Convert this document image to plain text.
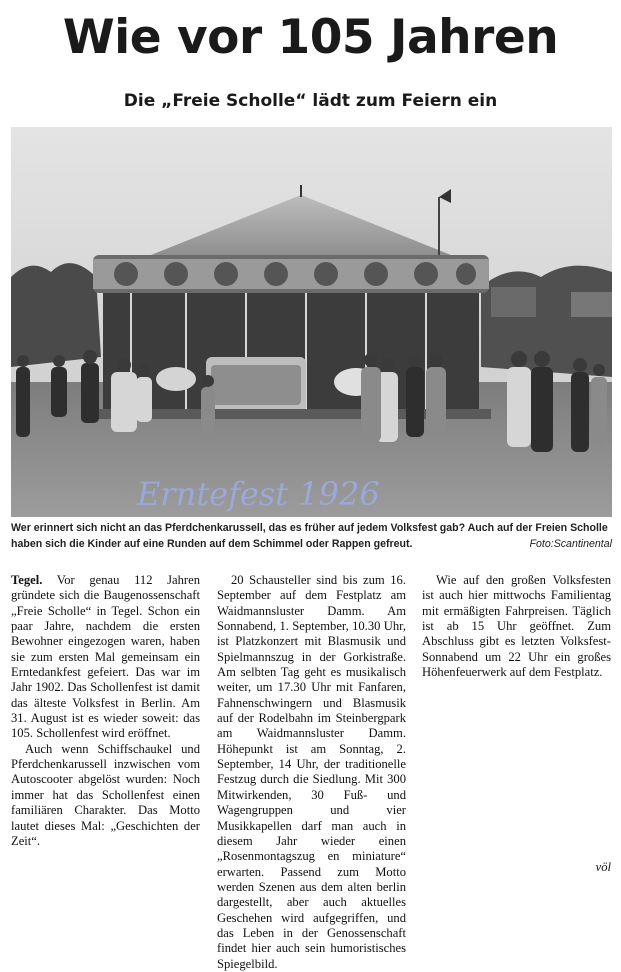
Wie vor 105 Jahren
Die „Freie Scholle“ lädt zum Feiern ein
Erntefest 1926
Wer erinnert sich nicht an das Pferdchenkarussell, das es früher auf jedem Volksfest gab? Auch auf der Freien Scholle haben sich die Kinder auf eine Runden auf dem Schimmel oder Rappen gefreut.	Foto:Scantinental

Tegel. Vor genau 112 Jahren gründete sich die Baugenossenschaft „Freie Scholle“ in Tegel. Schon ein paar Jahre, nachdem die ersten Bewohner eingezogen waren, haben sie zum ersten Mal gemeinsam ein Erntedankfest gefeiert. Das war im Jahr 1902. Das Schollenfest ist damit das älteste Volksfest in Berlin. Am 31. August ist es wieder soweit: das 105. Schollenfest wird eröffnet.

Auch wenn Schiffschaukel und Pferdchenkarussell inzwischen vom Autoscooter abgelöst wurden: Noch immer hat das Schollenfest einen familiären Charakter. Das Motto lautet dieses Mal: „Geschichten der Zeit“.

20 Schausteller sind bis zum 16. September auf dem Festplatz am Waidmannsluster Damm. Am Sonnabend, 1. September, 10.30 Uhr, ist Platzkonzert mit Blasmusik und Spielmannszug in der Gorkistraße. Am selbten Tag geht es musikalisch weiter, um 17.30 Uhr mit Fanfaren, Fahnenschwingern und Blasmusik auf der Rodelbahn im Steinbergpark am Waidmannsluster Damm. Höhepunkt ist am Sonntag, 2. September, 14 Uhr, der traditionelle Festzug durch die Siedlung. Mit 300 Mitwirkenden, 30 Fuß- und Wagengruppen und vier Musikkapellen darf man auch in diesem Jahr wieder einen „Rosenmontagszug en miniature“ erwarten. Passend zum Motto werden Szenen aus dem alten berlin dargestellt, aber auch aktuelles Geschehen wird aufgegriffen, und das Leben in der Genossenschaft findet hier auch sein humoristisches Spiegelbild.

Wie auf den großen Volksfesten ist auch hier mittwochs Familientag mit ermäßigten Fahrpreisen. Täglich ist ab 15 Uhr geöffnet. Zum Abschluss gibt es letzten Volksfest-Sonnabend um 22 Uhr ein großes Höhenfeuerwerk auf dem Festplatz.

völ
